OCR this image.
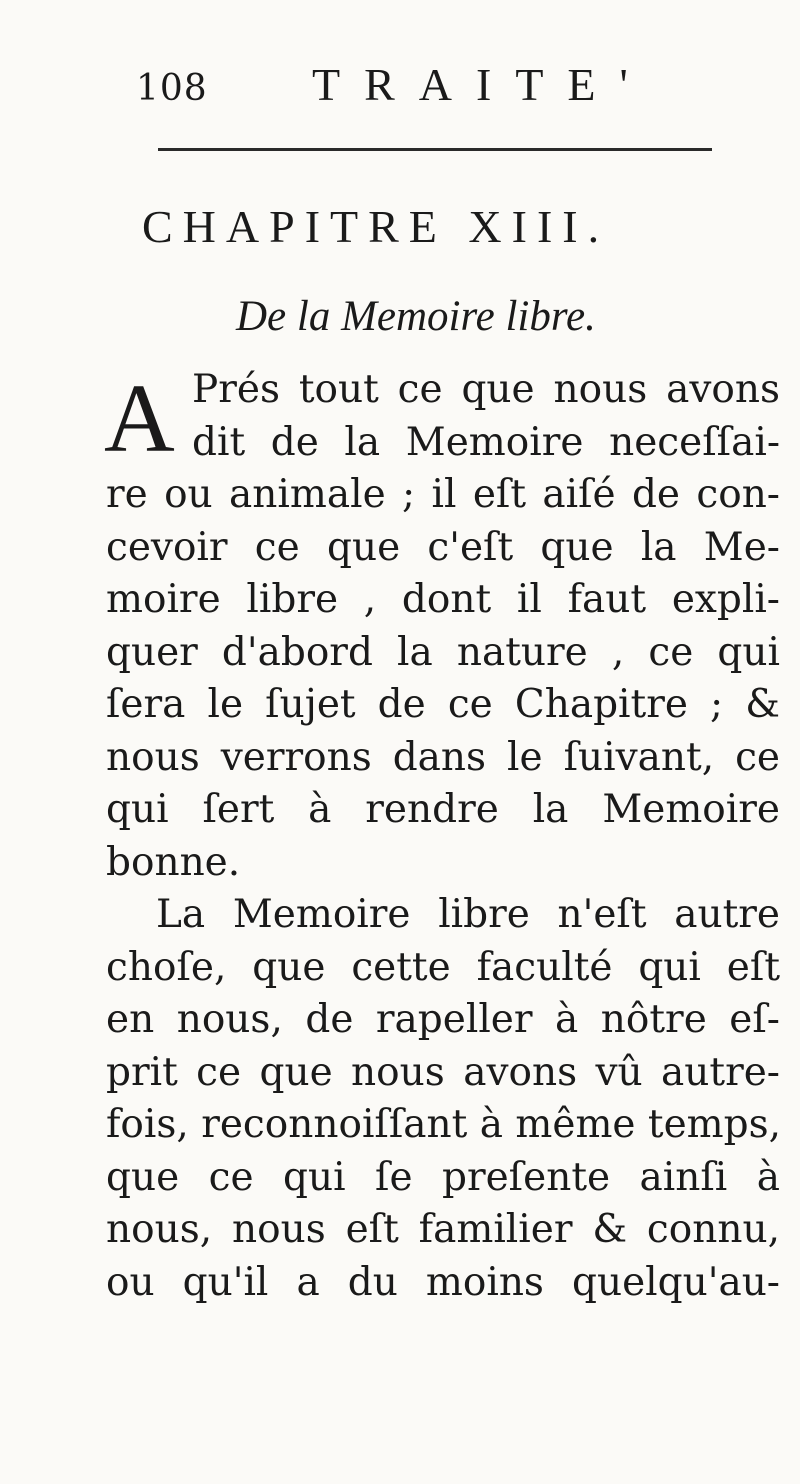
108 TRAITE'
CHAPITRE XIII.
De la Memoire libre.
A Prés tout ce que nous avons
dit de la Memoire neceſſai-
re ou animale ; il eſt aiſé de con-
cevoir ce que c'eſt que la Me-
moire libre , dont il faut expli-
quer d'abord la nature , ce qui
ſera le ſujet de ce Chapitre ; &
nous verrons dans le ſuivant, ce
qui ſert à rendre la Memoire
bonne.
La Memoire libre n'eſt autre
choſe, que cette faculté qui eſt
en nous, de rapeller à nôtre eſ-
prit ce que nous avons vû autre-
fois, reconnoiſſant à même temps,
que ce qui ſe preſente ainſi à
nous, nous eſt familier & connu,
ou qu'il a du moins quelqu'au-
